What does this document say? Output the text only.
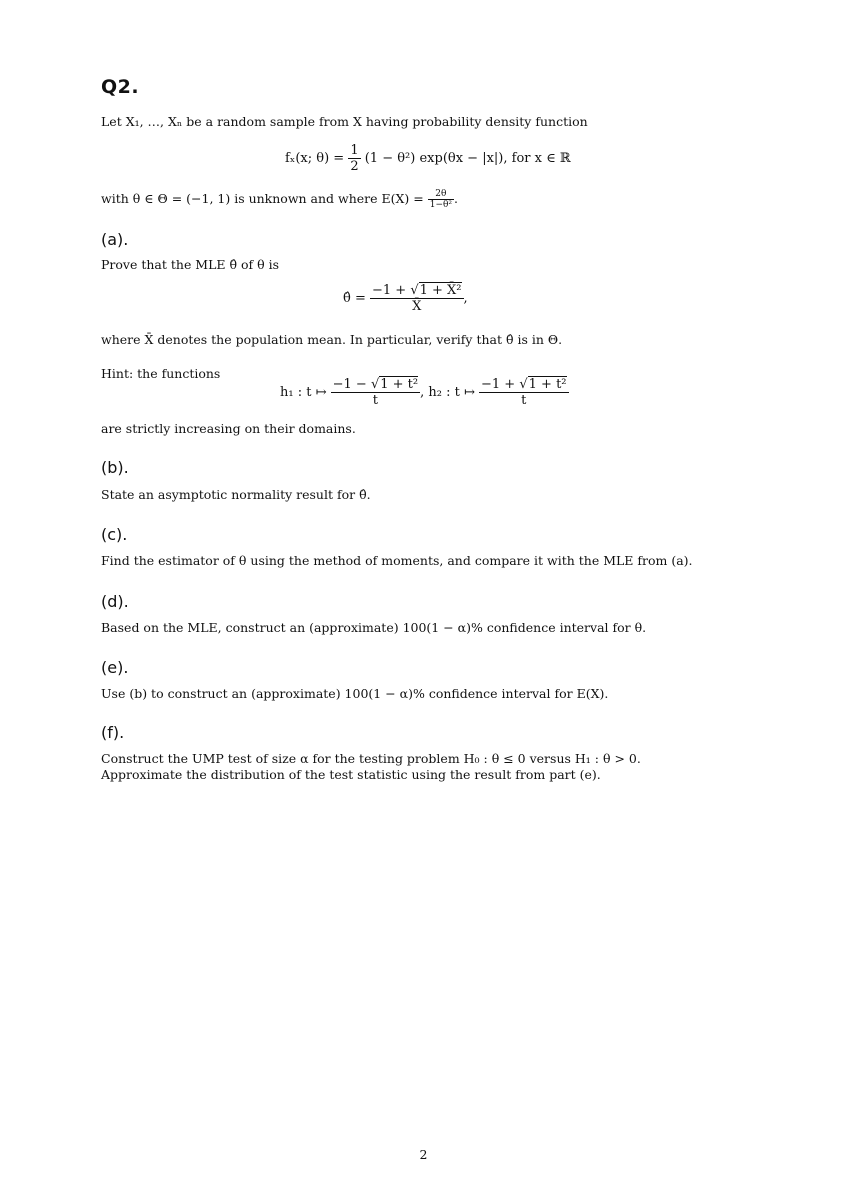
Q2.
Let X₁, …, Xₙ be a random sample from X having probability density function
fₓ(x; $\theta) = \frac{1}{2} (1 - \theta^2) \exp(\theta x - |x|)$, for x ∈ ℝ
with θ ∈ Θ = (−1, 1) is unknown and where $E(X) = \frac{2\theta}{\text{1−θ²}}$ .
(a).
Prove that the MLE θ̂ of θ is
θ̂ = $\frac{\text{−1 + √1 + X̄²}}{X̄}$ ,
where X̄ denotes the population mean. In particular, verify that θ̂ is in Θ.
Hint: the functions
h₁ : t ↦ $\frac{\text{−1 − √1 + t²}}{t}$ , h₂ : t ↦ $\frac{\text{−1 + √1 + t²}}{t}$
are strictly increasing on their domains.
(b).
State an asymptotic normality result for θ̂.
(c).
Find the estimator of θ using the method of moments, and compare it with the MLE from (a).
(d).
Based on the MLE, construct an (approximate) 100(1 − α)% confidence interval for θ.
(e).
Use (b) to construct an (approximate) 100(1 − α)% confidence interval for E(X).
(f).
Construct the UMP test of size α for the testing problem H₀ : θ ≤ 0 versus H₁ : θ > 0.
Approximate the distribution of the test statistic using the result from part (e).
2
